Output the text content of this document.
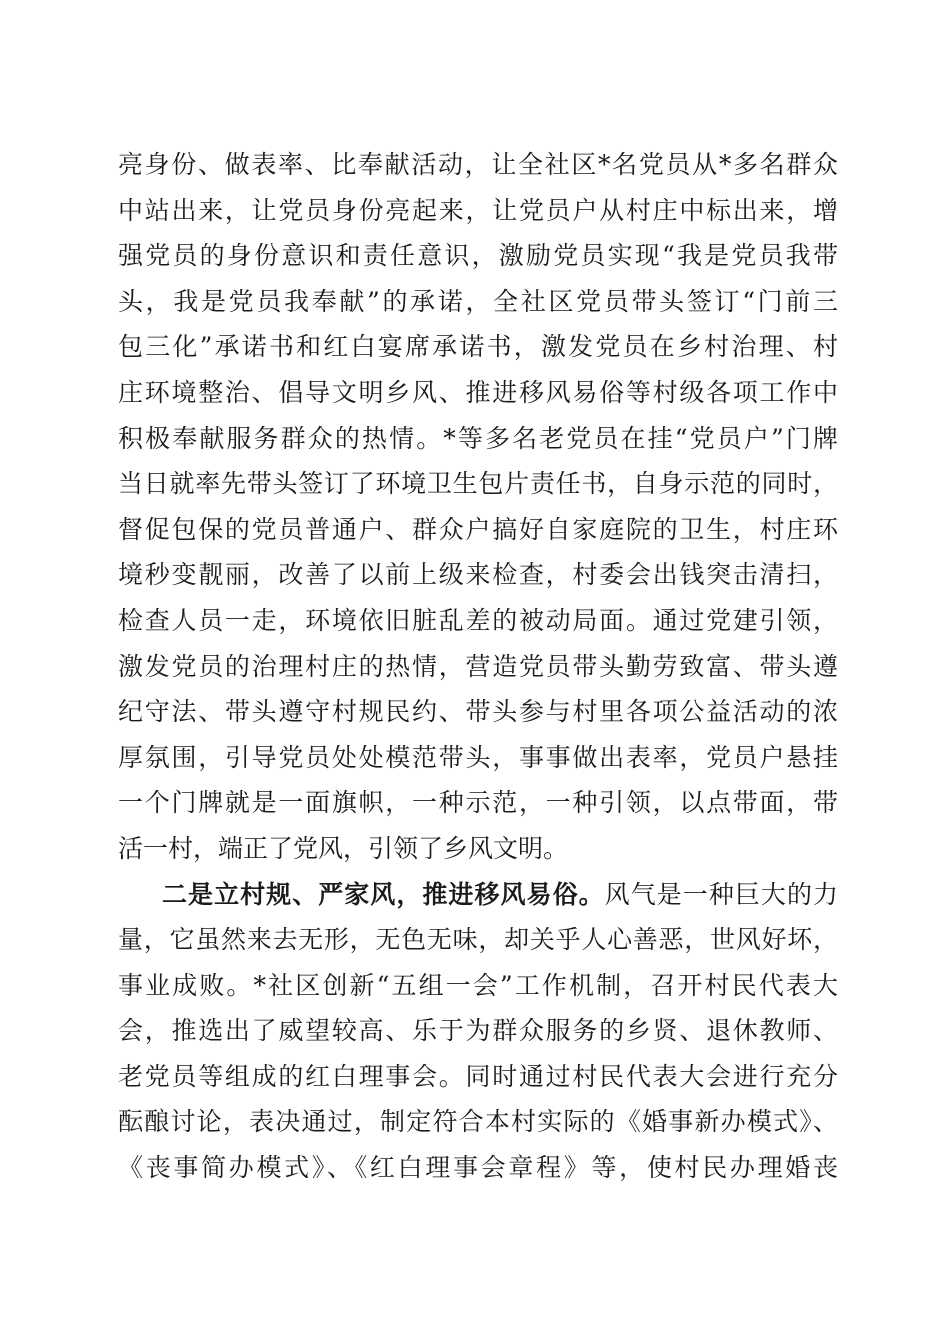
亮身份、做表率、比奉献活动，让全社区*名党员从*多名群众
中站出来，让党员身份亮起来，让党员户从村庄中标出来，增
强党员的身份意识和责任意识，激励党员实现“我是党员我带
头，我是党员我奉献”的承诺，全社区党员带头签订“门前三
包三化”承诺书和红白宴席承诺书，激发党员在乡村治理、村
庄环境整治、倡导文明乡风、推进移风易俗等村级各项工作中
积极奉献服务群众的热情。*等多名老党员在挂“党员户”门牌
当日就率先带头签订了环境卫生包片责任书，自身示范的同时，
督促包保的党员普通户、群众户搞好自家庭院的卫生，村庄环
境秒变靓丽，改善了以前上级来检查，村委会出钱突击清扫，
检查人员一走，环境依旧脏乱差的被动局面。通过党建引领，
激发党员的治理村庄的热情，营造党员带头勤劳致富、带头遵
纪守法、带头遵守村规民约、带头参与村里各项公益活动的浓
厚氛围，引导党员处处模范带头，事事做出表率，党员户悬挂
一个门牌就是一面旗帜，一种示范，一种引领，以点带面，带
活一村，端正了党风，引领了乡风文明。
二是立村规、严家风，推进移风易俗。风气是一种巨大的力
量，它虽然来去无形，无色无味，却关乎人心善恶，世风好坏，
事业成败。*社区创新“五组一会”工作机制，召开村民代表大
会，推选出了威望较高、乐于为群众服务的乡贤、退休教师、
老党员等组成的红白理事会。同时通过村民代表大会进行充分
酝酿讨论，表决通过，制定符合本村实际的《婚事新办模式》、
《丧事简办模式》、《红白理事会章程》等，使村民办理婚丧
